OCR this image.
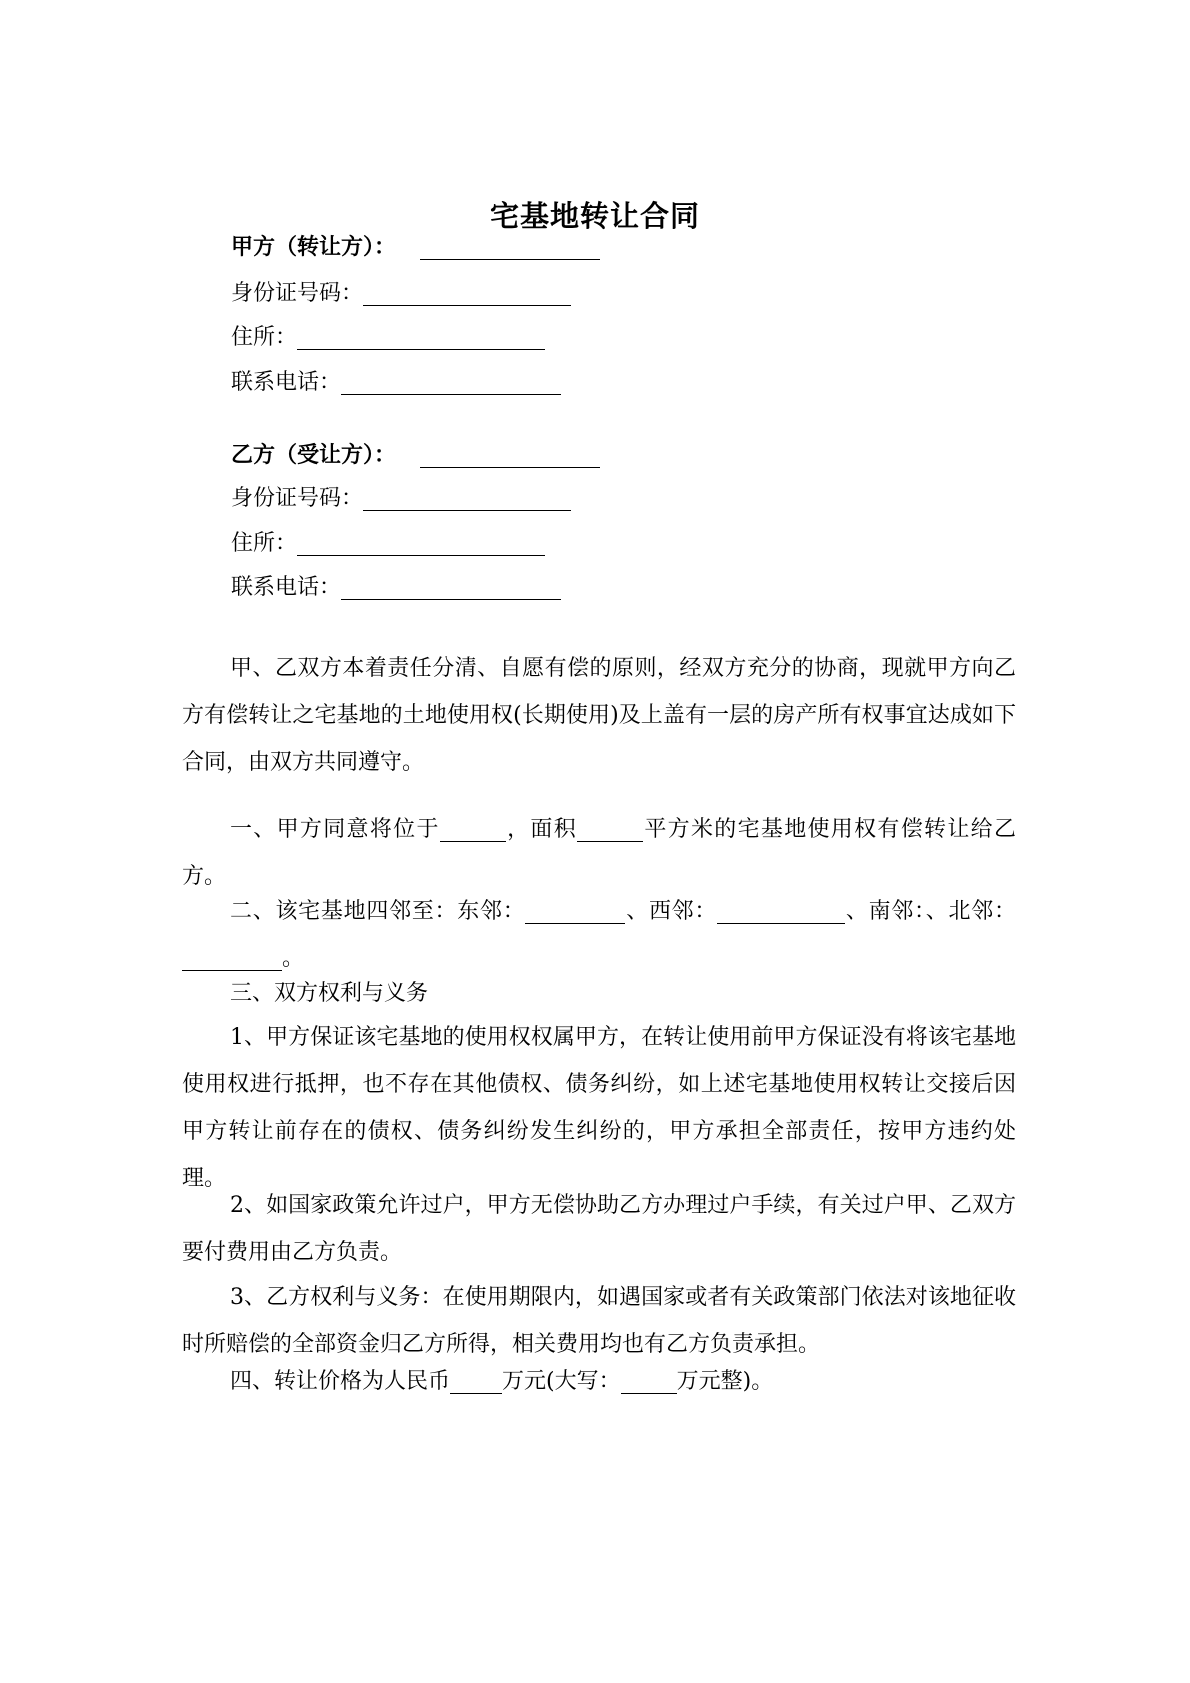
宅基地转让合同
甲方（转让方）：
身份证号码：
住所：
联系电话：
乙方（受让方）：
身份证号码：
住所：
联系电话：
甲、乙双方本着责任分清、自愿有偿的原则，经双方充分的协商，现就甲方向乙方有偿转让之宅基地的土地使用权(长期使用)及上盖有一层的房产所有权事宜达成如下合同，由双方共同遵守。
一、甲方同意将位于	，面积	平方米的宅基地使用权有偿转让给乙方。
二、该宅基地四邻至：东邻：	、西邻：	、南邻：、北邻：。
三、双方权利与义务
1、甲方保证该宅基地的使用权权属甲方，在转让使用前甲方保证没有将该宅基地使用权进行抵押，也不存在其他债权、债务纠纷，如上述宅基地使用权转让交接后因甲方转让前存在的债权、债务纠纷发生纠纷的，甲方承担全部责任，按甲方违约处理。
2、如国家政策允许过户，甲方无偿协助乙方办理过户手续，有关过户甲、乙双方要付费用由乙方负责。
3、乙方权利与义务：在使用期限内，如遇国家或者有关政策部门依法对该地征收时所赔偿的全部资金归乙方所得，相关费用均也有乙方负责承担。
四、转让价格为人民币 万元(大写：	万元整)。
